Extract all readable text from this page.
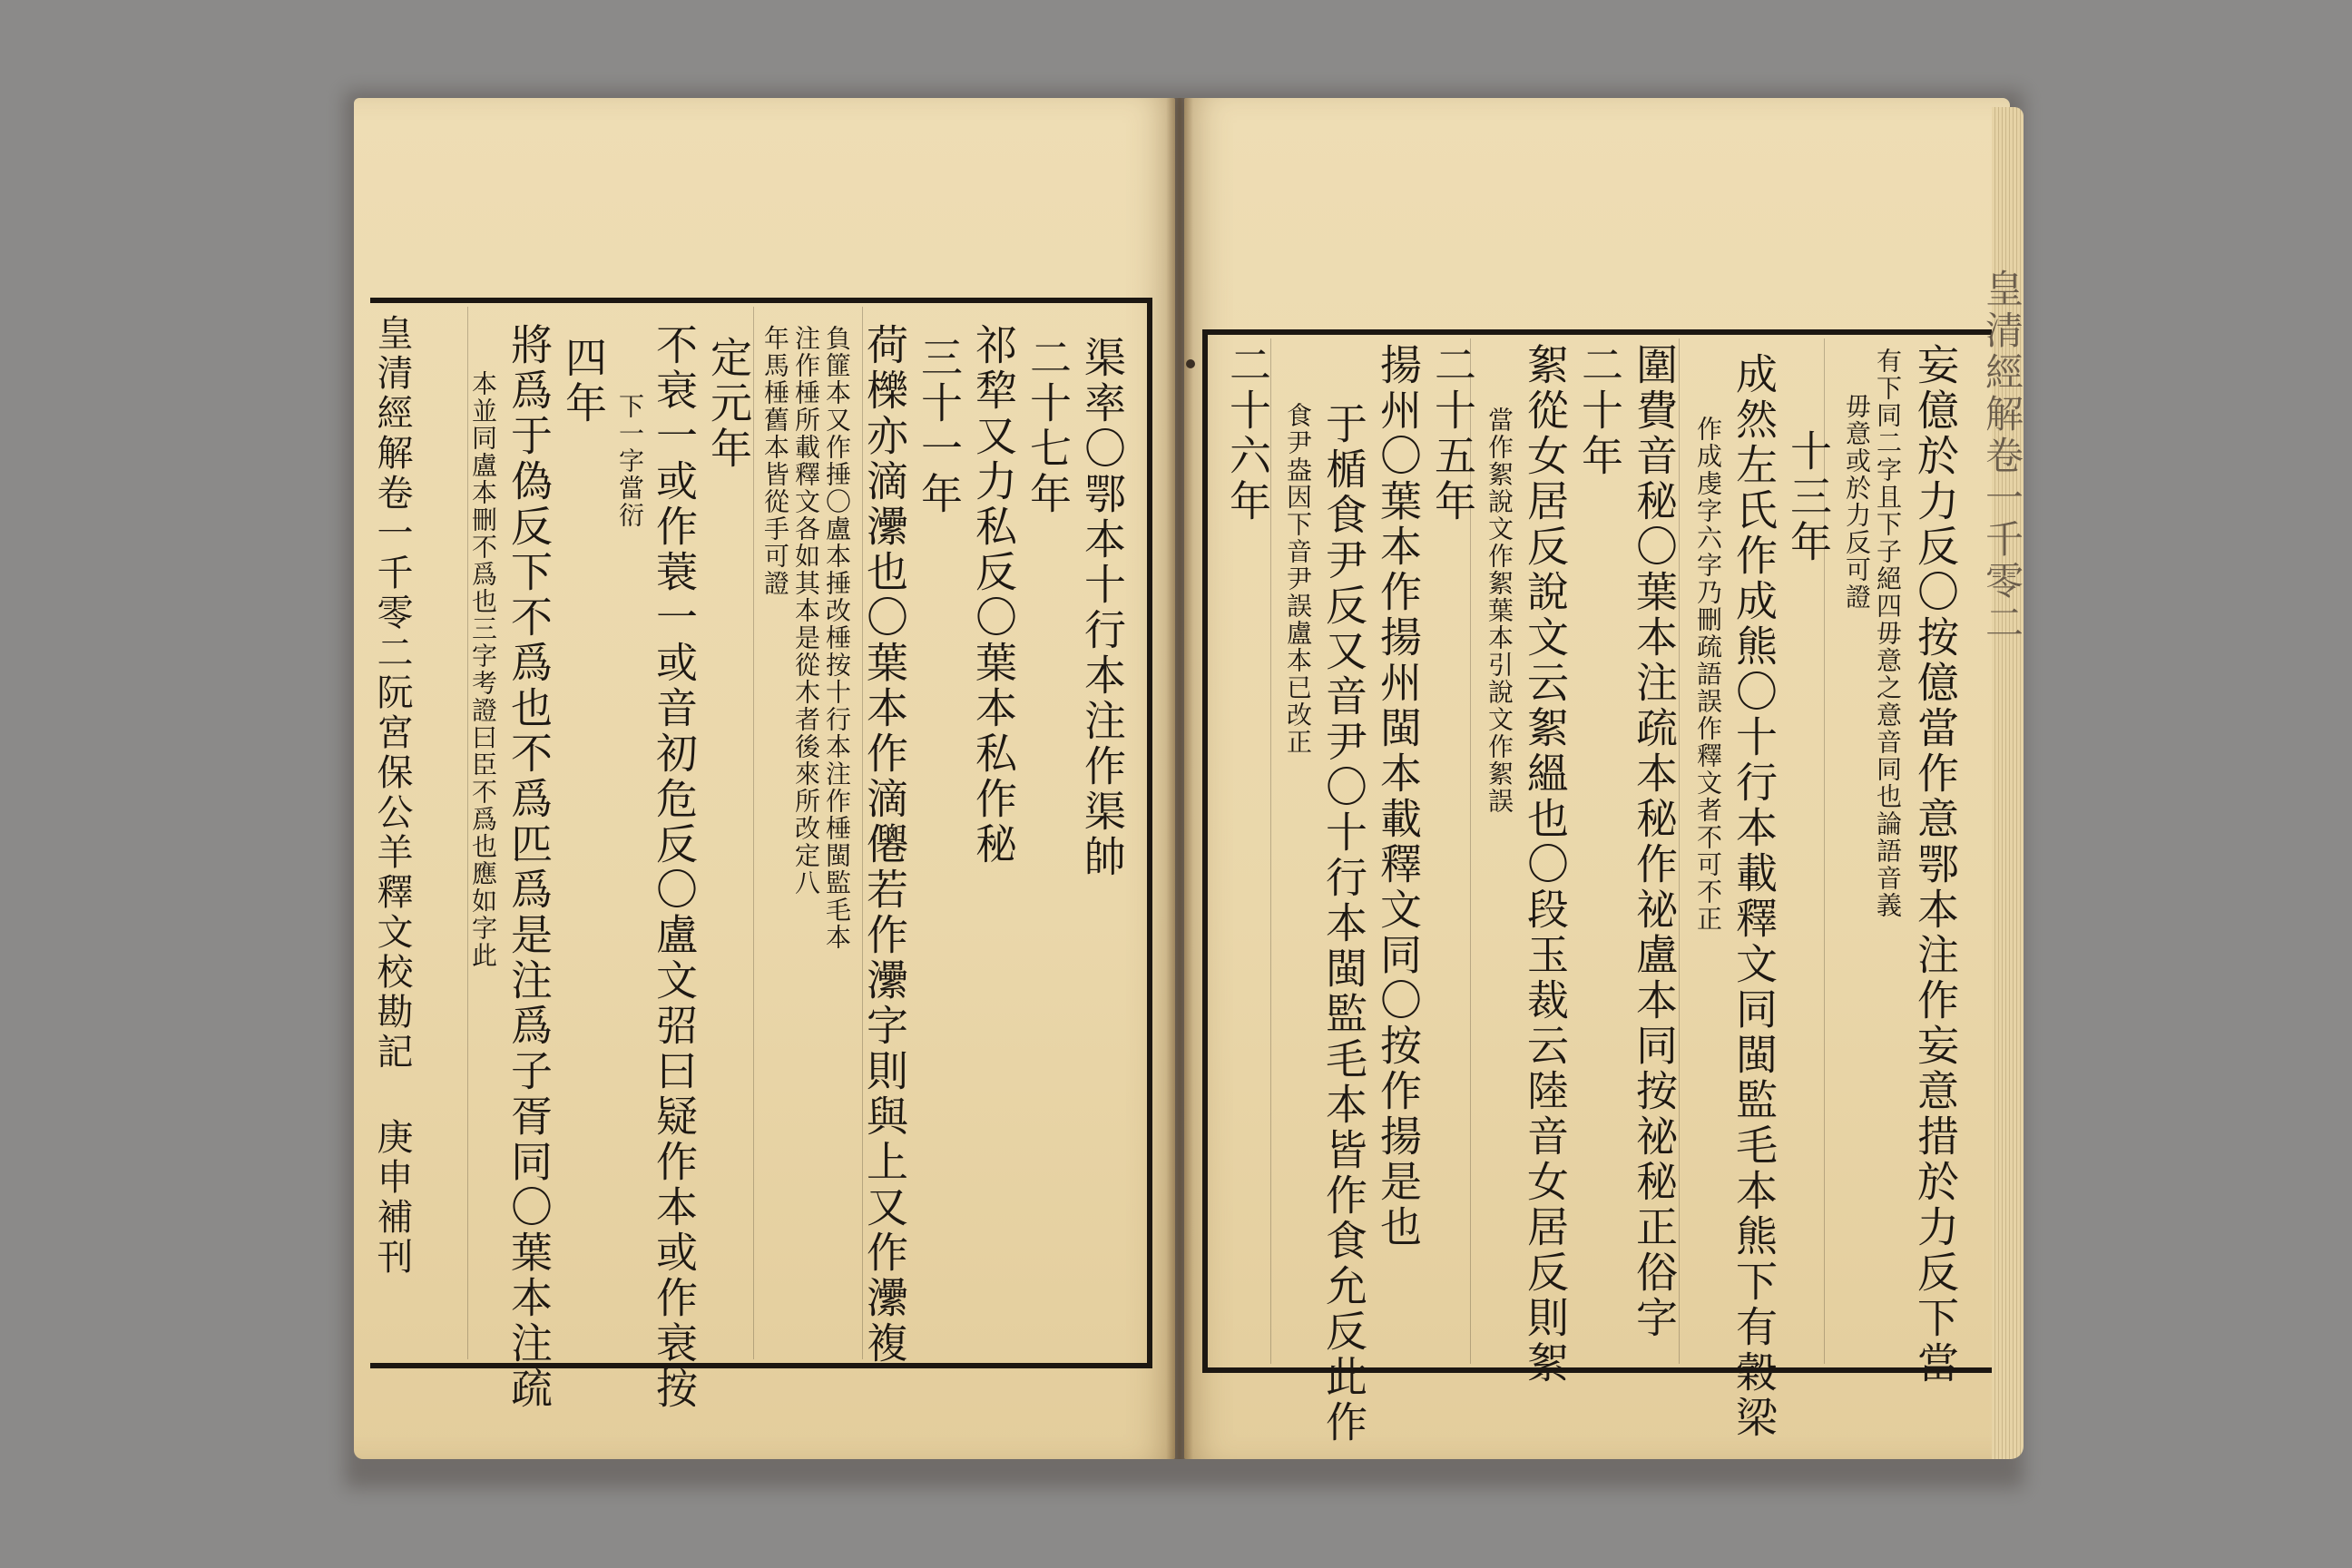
渠率〇鄂本十行本注作渠帥
二十七年
祁犂又力私反〇葉本私作秘
三十一年
荷櫟亦滴㶟也〇葉本作滴㒨若作㶟字則與上又作㶟複
負篚本又作捶〇盧本捶改棰按十行本注作棰閩監毛本
注作棰所載釋文各如其本是從木者後來所改定八
年馬棰舊本皆從手可證
定元年
不衰一或作蓑一或音初危反〇盧文弨曰疑作本或作衰按
下一字當衍
四年
將爲于偽反下不爲也不爲匹爲是注爲子胥同〇葉本注疏
本並同盧本刪不爲也三字考證曰臣不爲也應如字此
皇清經解卷一千零二阮宮保公羊釋文校勘記 庚申補刊	皇清經解卷一千零二
妄億於力反〇按億當作意鄂本注作妄意措於力反下當
有下同二字且下子絕四毋意之意音同也論語音義
毋意或於力反可證
十三年
成然左氏作成熊〇十行本載釋文同閩監毛本熊下有穀梁
作成虔字六字乃刪疏語誤作釋文者不可不正
圍費音秘〇葉本注疏本秘作祕盧本同按祕秘正俗字
二十年
絮從女居反說文云絮縕也〇段玉裁云陸音女居反則絮
當作絮說文作絮葉本引說文作絮誤
二十五年
揚州〇葉本作揚州閩本載釋文同〇按作揚是也
于楯食尹反又音尹〇十行本閩監毛本皆作食允反此作
食尹盎因下音尹誤盧本已改正
二十六年
